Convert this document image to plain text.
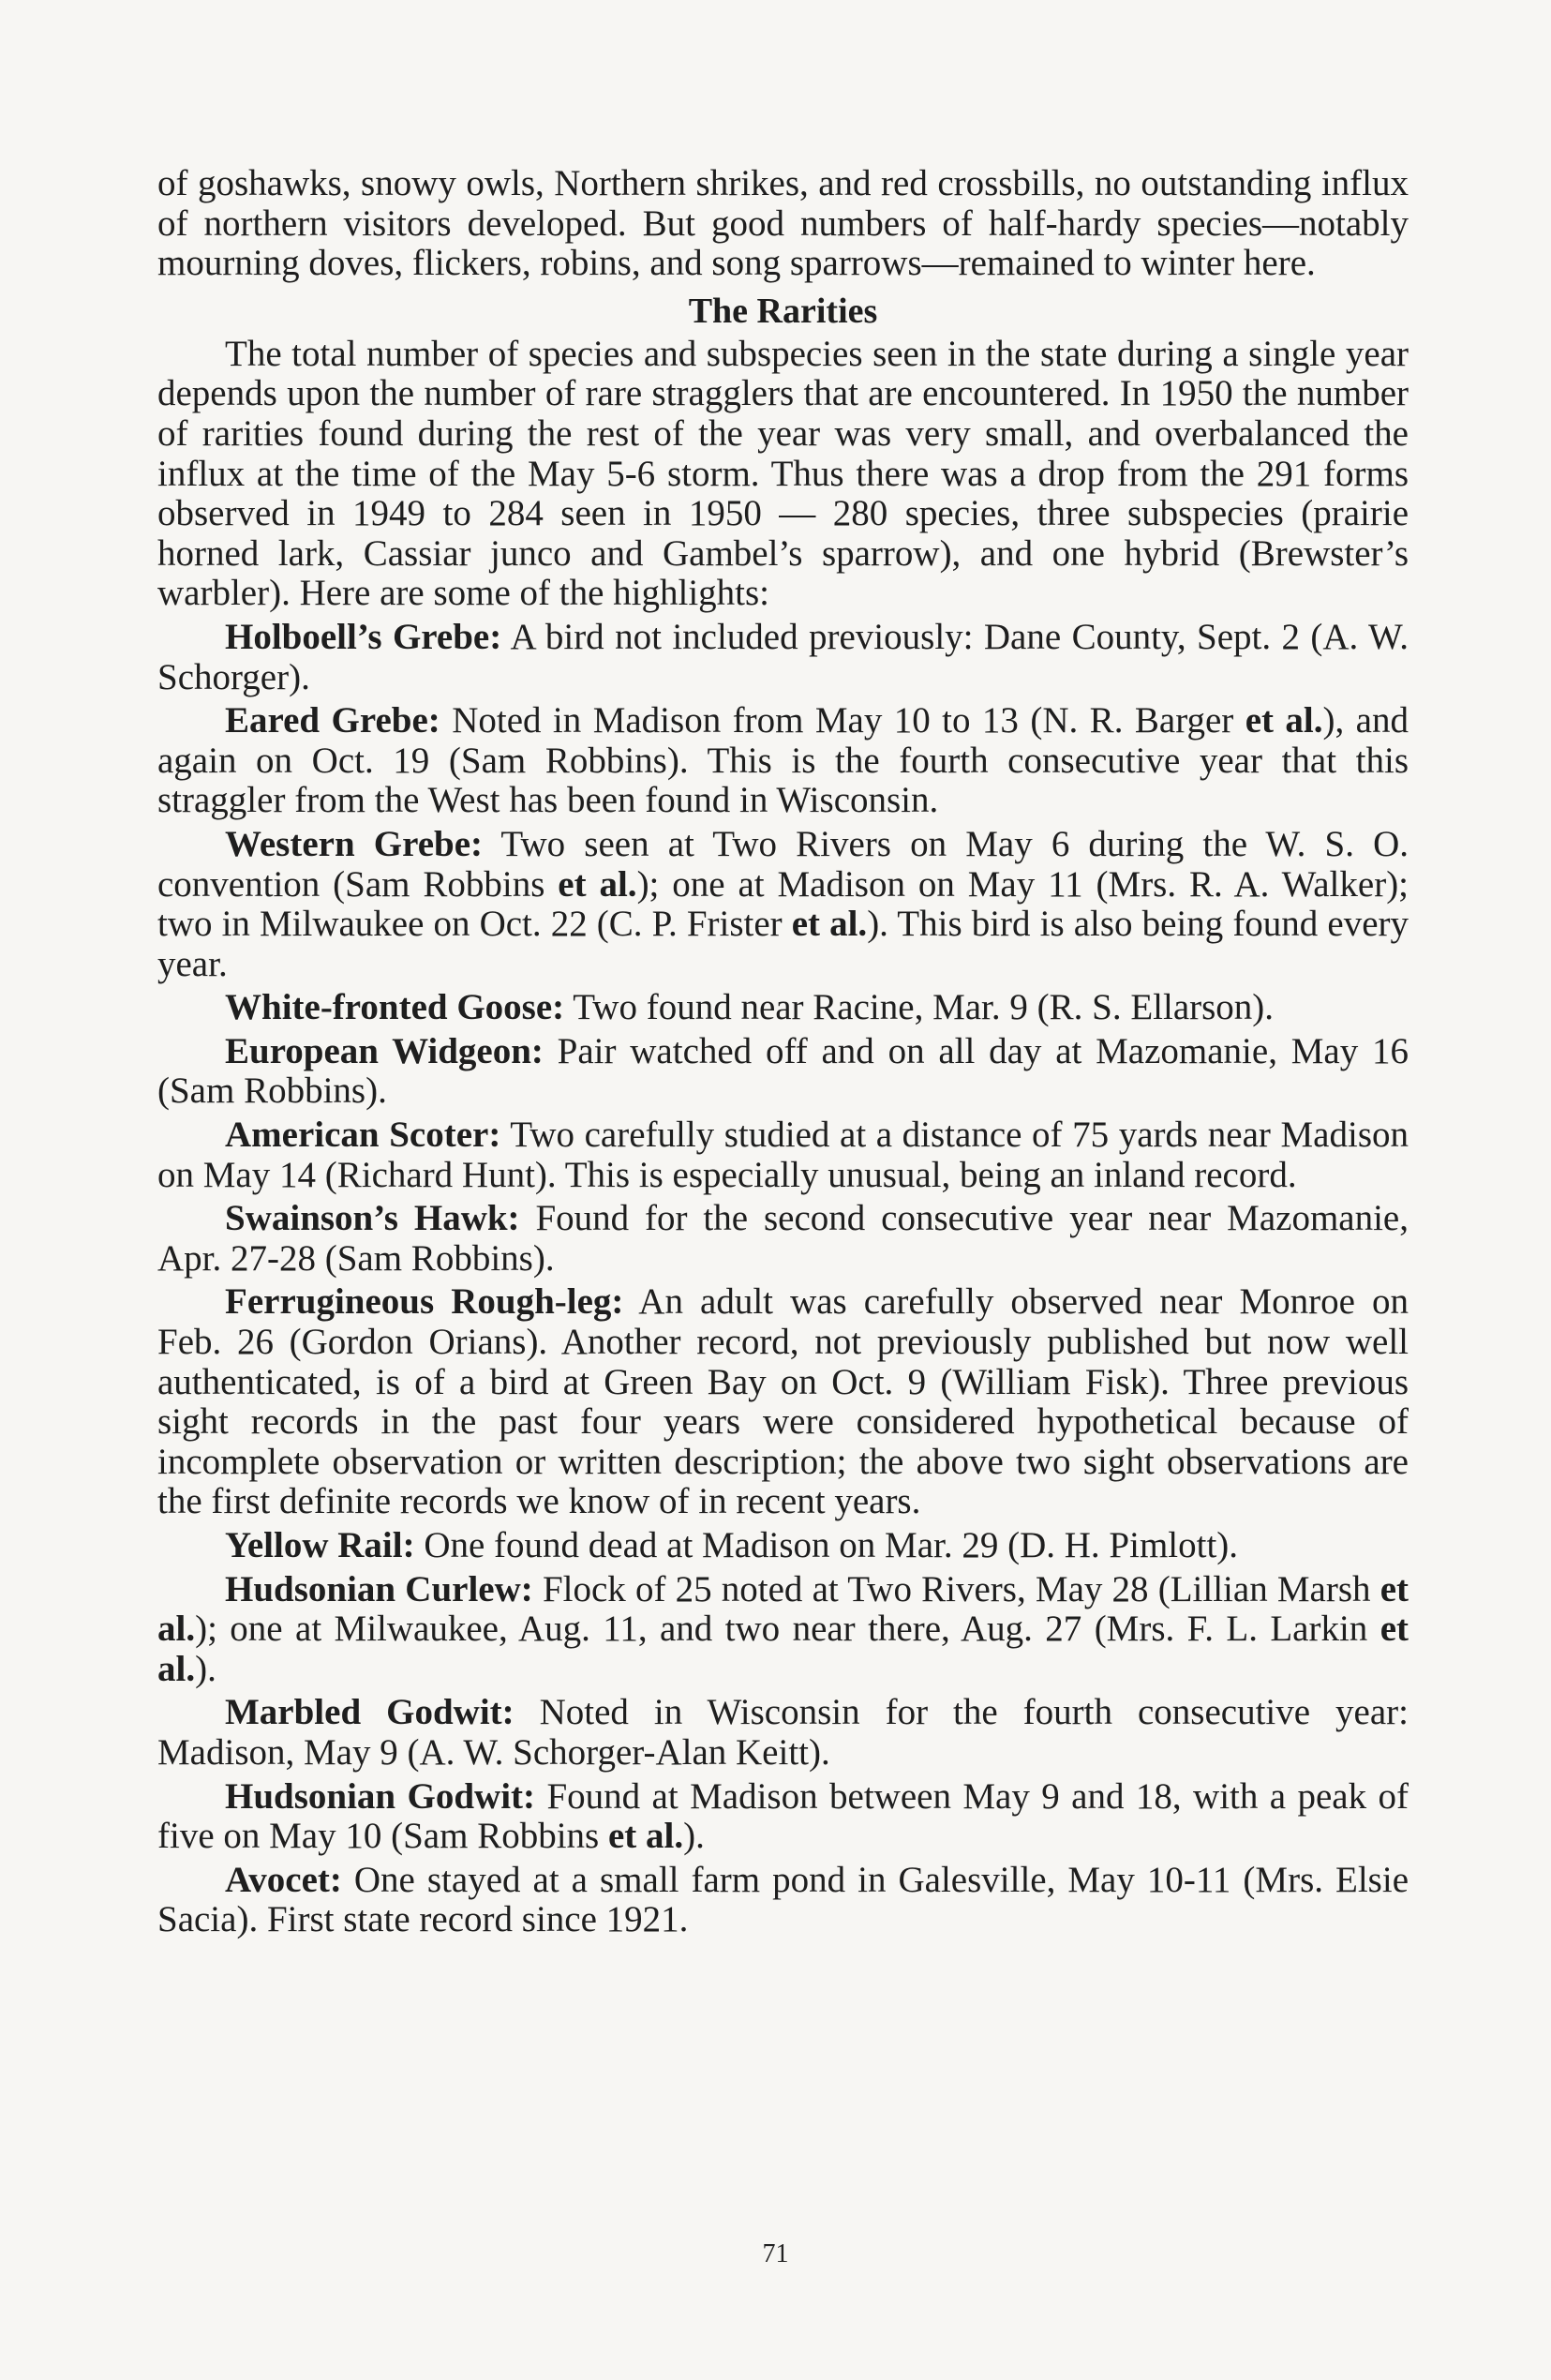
of goshawks, snowy owls, Northern shrikes, and red crossbills, no outstanding influx of northern visitors developed. But good numbers of half-hardy species—notably mourning doves, flickers, robins, and song sparrows—remained to winter here.

The Rarities

The total number of species and subspecies seen in the state during a single year depends upon the number of rare stragglers that are encountered. In 1950 the number of rarities found during the rest of the year was very small, and overbalanced the influx at the time of the May 5-6 storm. Thus there was a drop from the 291 forms observed in 1949 to 284 seen in 1950 — 280 species, three subspecies (prairie horned lark, Cassiar junco and Gambel’s sparrow), and one hybrid (Brewster’s warbler). Here are some of the highlights:

Holboell’s Grebe: A bird not included previously: Dane County, Sept. 2 (A. W. Schorger).

Eared Grebe: Noted in Madison from May 10 to 13 (N. R. Barger et al.), and again on Oct. 19 (Sam Robbins). This is the fourth consecutive year that this straggler from the West has been found in Wisconsin.

Western Grebe: Two seen at Two Rivers on May 6 during the W. S. O. convention (Sam Robbins et al.); one at Madison on May 11 (Mrs. R. A. Walker); two in Milwaukee on Oct. 22 (C. P. Frister et al.). This bird is also being found every year.

White-fronted Goose: Two found near Racine, Mar. 9 (R. S. Ellarson).

European Widgeon: Pair watched off and on all day at Mazomanie, May 16 (Sam Robbins).

American Scoter: Two carefully studied at a distance of 75 yards near Madison on May 14 (Richard Hunt). This is especially unusual, being an inland record.

Swainson’s Hawk: Found for the second consecutive year near Mazomanie, Apr. 27-28 (Sam Robbins).

Ferrugineous Rough-leg: An adult was carefully observed near Monroe on Feb. 26 (Gordon Orians). Another record, not previously published but now well authenticated, is of a bird at Green Bay on Oct. 9 (William Fisk). Three previous sight records in the past four years were considered hypothetical because of incomplete observation or written description; the above two sight observations are the first definite records we know of in recent years.

Yellow Rail: One found dead at Madison on Mar. 29 (D. H. Pimlott).

Hudsonian Curlew: Flock of 25 noted at Two Rivers, May 28 (Lillian Marsh et al.); one at Milwaukee, Aug. 11, and two near there, Aug. 27 (Mrs. F. L. Larkin et al.).

Marbled Godwit: Noted in Wisconsin for the fourth consecutive year: Madison, May 9 (A. W. Schorger-Alan Keitt).

Hudsonian Godwit: Found at Madison between May 9 and 18, with a peak of five on May 10 (Sam Robbins et al.).

Avocet: One stayed at a small farm pond in Galesville, May 10-11 (Mrs. Elsie Sacia). First state record since 1921.

71
